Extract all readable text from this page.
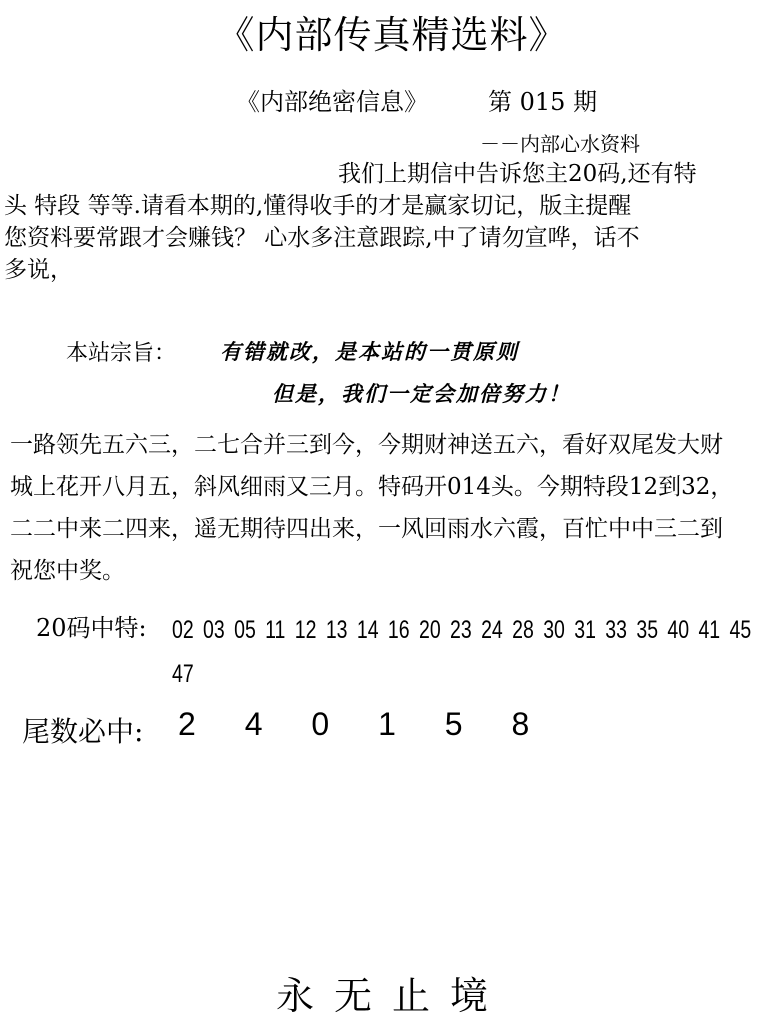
《内部传真精选料》
《内部绝密信息》	第 015 期
－－内部心水资料

我们上期信中告诉您主20码,还有特

头 特段 等等.请看本期的,懂得收手的才是赢家切记，版主提醒

您资料要常跟才会赚钱？ 心水多注意跟踪,中了请勿宣哗，话不

多说，

本站宗旨： 有错就改，是本站的一贯原则
但是，我们一定会加倍努力！

一路领先五六三，二七合并三到今，今期财神送五六，看好双尾发大财

城上花开八月五，斜风细雨又三月。特码开014头。今期特段12到32，

二二中来二四来，遥无期待四出来，一风回雨水六霞，百忙中中三二到

祝您中奖。

20码中特: 02 03 05 11 12 13 14 16 20 23 24 28 30 31 33 35 40 41 4547
尾数必中: 2 4 0 1 5 8
永无止境
